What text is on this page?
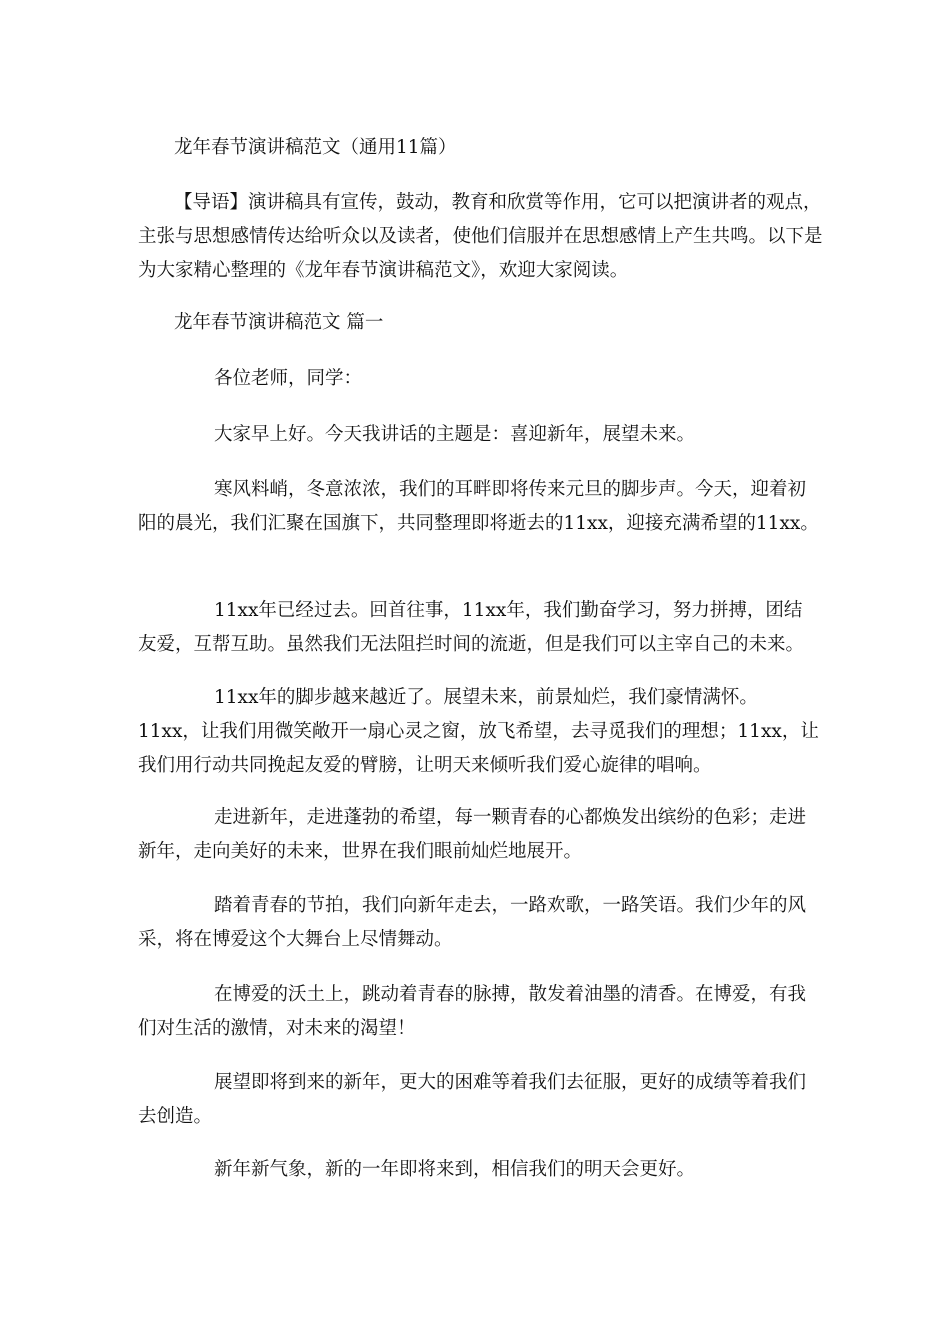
龙年春节演讲稿范文（通用11篇）

【导语】演讲稿具有宣传，鼓动，教育和欣赏等作用，它可以把演讲者的观点，主张与思想感情传达给听众以及读者，使他们信服并在思想感情上产生共鸣。以下是为大家精心整理的《龙年春节演讲稿范文》，欢迎大家阅读。

龙年春节演讲稿范文 篇一

各位老师，同学：

大家早上好。今天我讲话的主题是：喜迎新年，展望未来。

寒风料峭，冬意浓浓，我们的耳畔即将传来元旦的脚步声。今天，迎着初阳的晨光，我们汇聚在国旗下，共同整理即将逝去的11xx，迎接充满希望的11xx。

11xx年已经过去。回首往事，11xx年，我们勤奋学习，努力拼搏，团结友爱，互帮互助。虽然我们无法阻拦时间的流逝，但是我们可以主宰自己的未来。

11xx年的脚步越来越近了。展望未来，前景灿烂，我们豪情满怀。11xx，让我们用微笑敞开一扇心灵之窗，放飞希望，去寻觅我们的理想；11xx，让我们用行动共同挽起友爱的臂膀，让明天来倾听我们爱心旋律的唱响。

走进新年，走进蓬勃的希望，每一颗青春的心都焕发出缤纷的色彩；走进新年，走向美好的未来，世界在我们眼前灿烂地展开。

踏着青春的节拍，我们向新年走去，一路欢歌，一路笑语。我们少年的风采，将在博爱这个大舞台上尽情舞动。

在博爱的沃土上，跳动着青春的脉搏，散发着油墨的清香。在博爱，有我们对生活的激情，对未来的渴望！

展望即将到来的新年，更大的困难等着我们去征服，更好的成绩等着我们去创造。

新年新气象，新的一年即将来到，相信我们的明天会更好。
